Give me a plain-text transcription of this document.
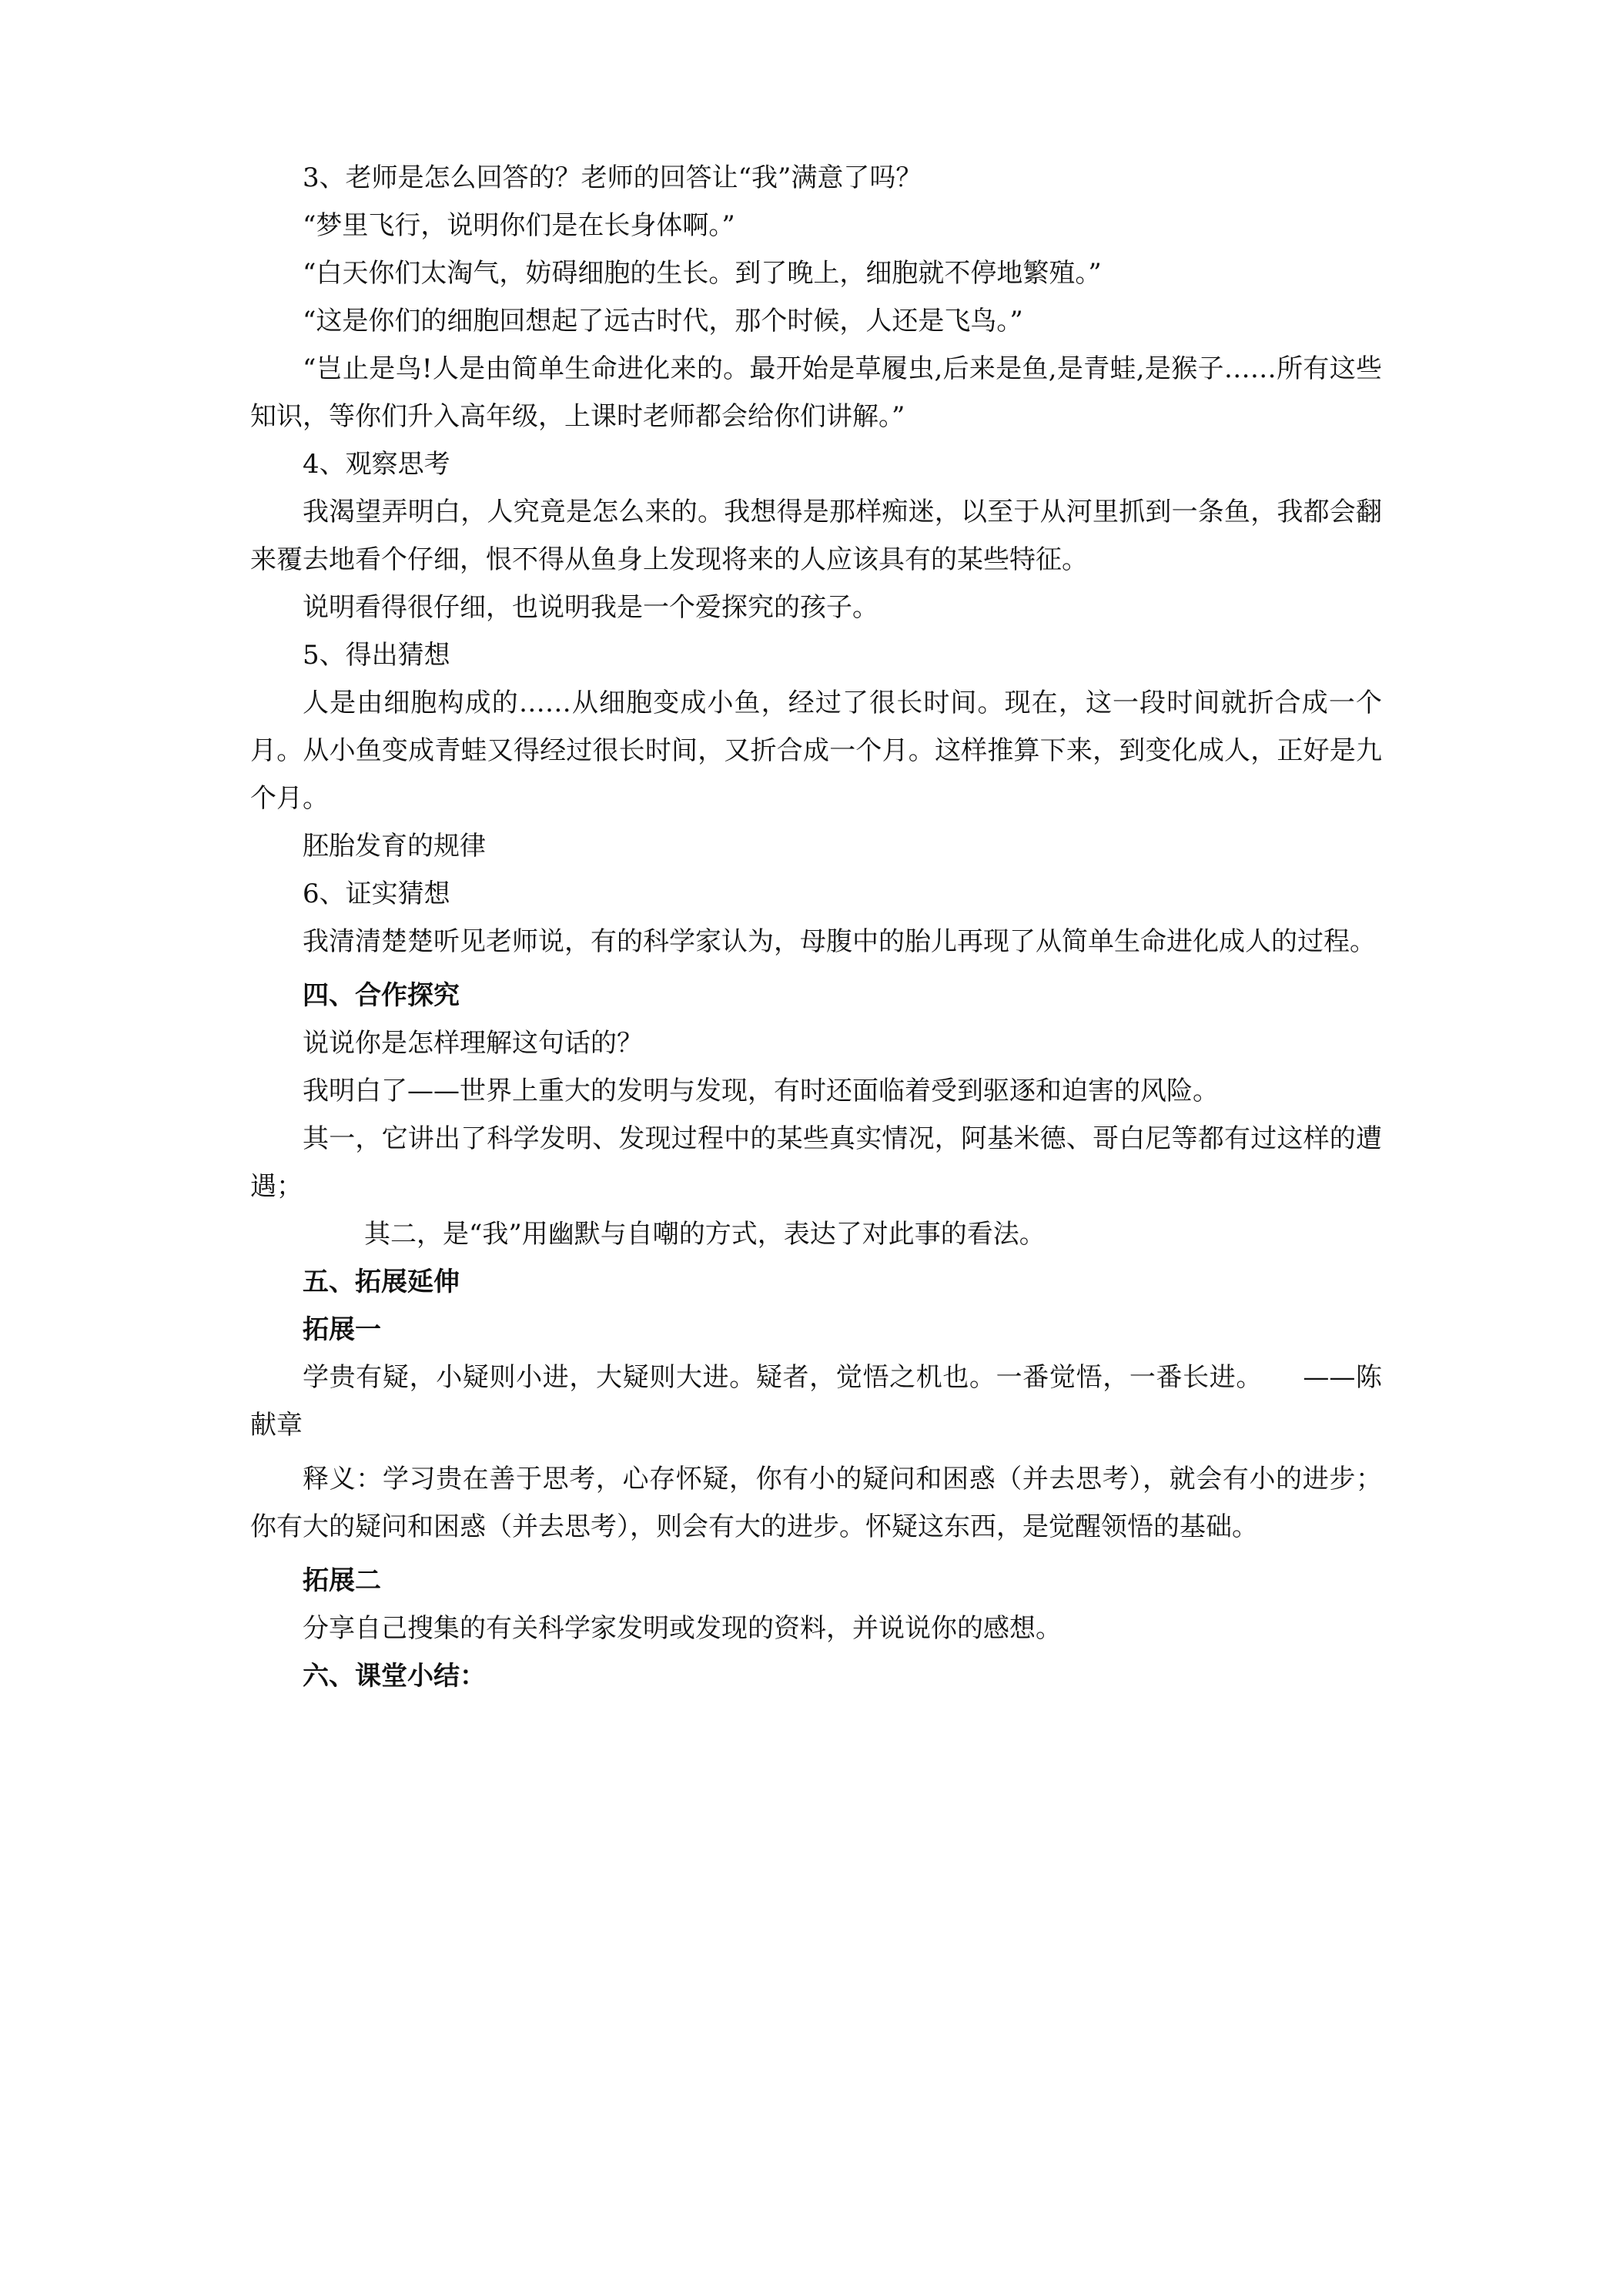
3、老师是怎么回答的？老师的回答让“我”满意了吗？

“梦里飞行，说明你们是在长身体啊。”

“白天你们太淘气，妨碍细胞的生长。到了晚上，细胞就不停地繁殖。”

“这是你们的细胞回想起了远古时代，那个时候，人还是飞鸟。”

“岂止是鸟!人是由简单生命进化来的。最开始是草履虫,后来是鱼,是青蛙,是猴子……所有这些知识，等你们升入高年级，上课时老师都会给你们讲解。”

4、观察思考

我渴望弄明白，人究竟是怎么来的。我想得是那样痴迷，以至于从河里抓到一条鱼，我都会翻来覆去地看个仔细，恨不得从鱼身上发现将来的人应该具有的某些特征。

说明看得很仔细，也说明我是一个爱探究的孩子。

5、得出猜想

人是由细胞构成的……从细胞变成小鱼，经过了很长时间。现在，这一段时间就折合成一个月。从小鱼变成青蛙又得经过很长时间，又折合成一个月。这样推算下来，到变化成人，正好是九个月。

胚胎发育的规律

6、证实猜想

我清清楚楚听见老师说，有的科学家认为，母腹中的胎儿再现了从简单生命进化成人的过程。

四、合作探究

说说你是怎样理解这句话的？

我明白了——世界上重大的发明与发现，有时还面临着受到驱逐和迫害的风险。

其一，它讲出了科学发明、发现过程中的某些真实情况，阿基米德、哥白尼等都有过这样的遭遇；

其二，是“我”用幽默与自嘲的方式，表达了对此事的看法。

五、拓展延伸

拓展一

学贵有疑，小疑则小进，大疑则大进。疑者，觉悟之机也。一番觉悟，一番长进。　　——陈献章

释义：学习贵在善于思考，心存怀疑，你有小的疑问和困惑（并去思考），就会有小的进步；你有大的疑问和困惑（并去思考），则会有大的进步。怀疑这东西，是觉醒领悟的基础。

拓展二

分享自己搜集的有关科学家发明或发现的资料，并说说你的感想。

六、课堂小结：
